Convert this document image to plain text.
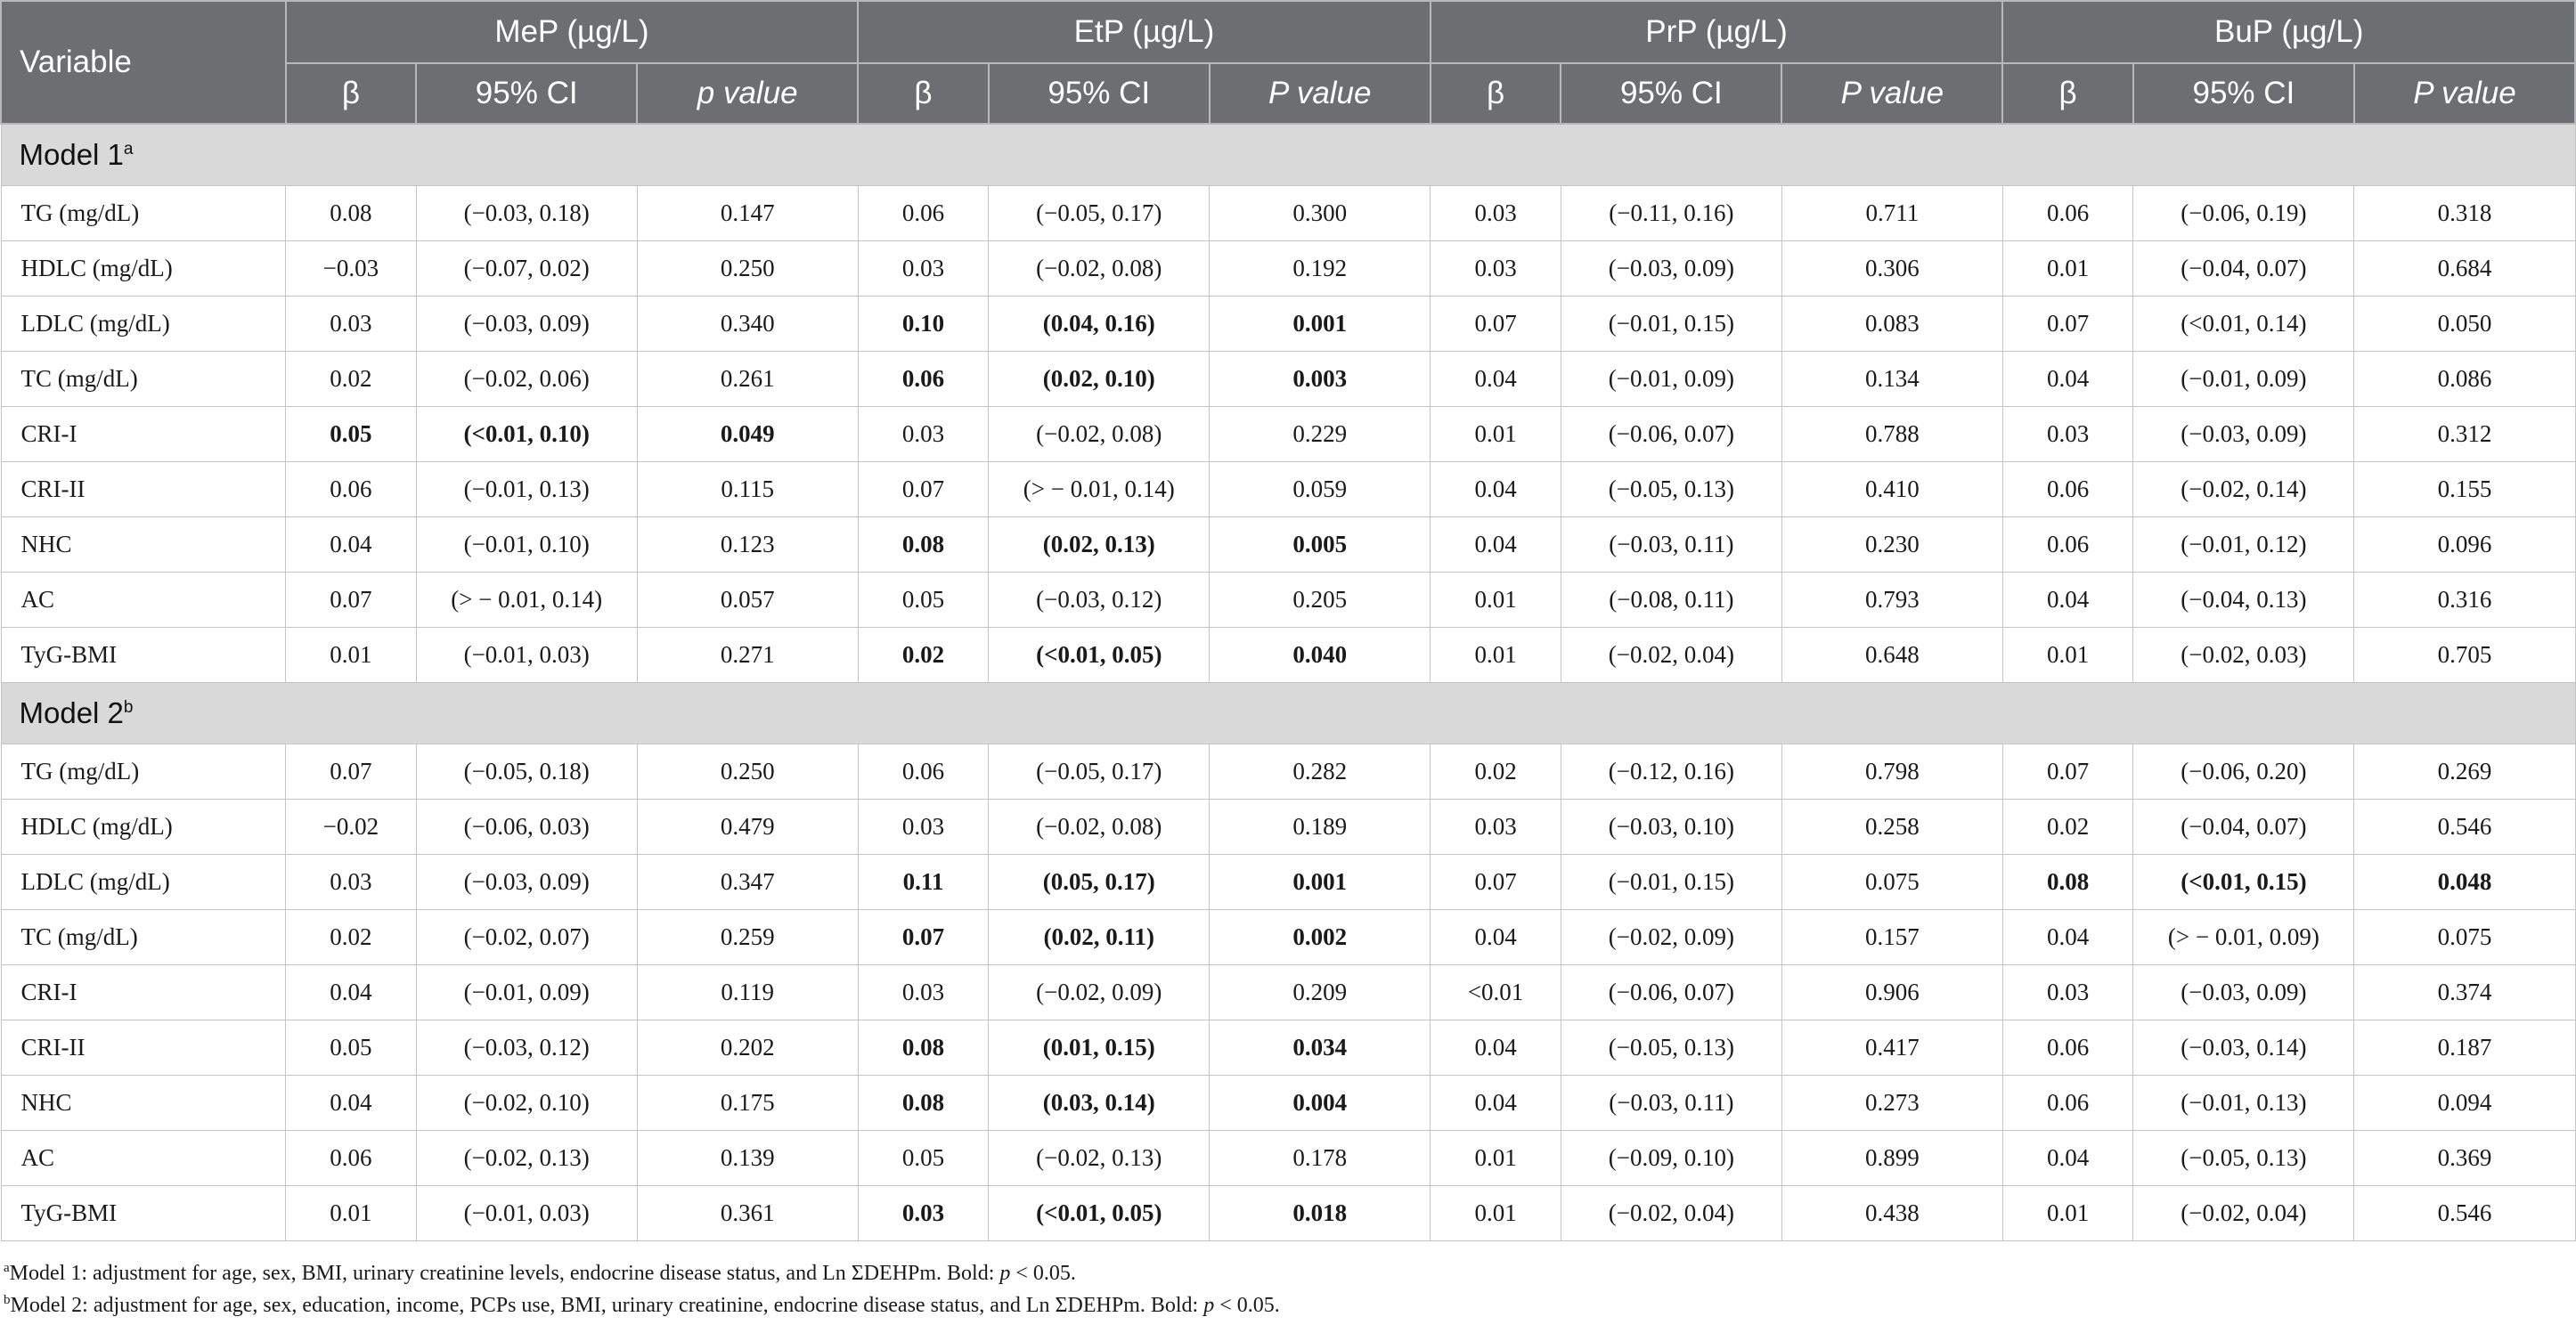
Variable	MeP (µg/L)			EtP (µg/L)			PrP (µg/L)			BuP (µg/L)		
	β	95% CI	p value	β	95% CI	P value	β	95% CI	P value	β	95% CI	P value
Model 1$^a$
TG (mg/dL)	0.08	(−0.03, 0.18)	0.147	0.06	(−0.05, 0.17)	0.300	0.03	(−0.11, 0.16)	0.711	0.06	(−0.06, 0.19)	0.318
HDLC (mg/dL)	−0.03	(−0.07, 0.02)	0.250	0.03	(−0.02, 0.08)	0.192	0.03	(−0.03, 0.09)	0.306	0.01	(−0.04, 0.07)	0.684
LDLC (mg/dL)	0.03	(−0.03, 0.09)	0.340	0.10	(0.04, 0.16)	0.001	0.07	(−0.01, 0.15)	0.083	0.07	(<0.01, 0.14)	0.050
TC (mg/dL)	0.02	(−0.02, 0.06)	0.261	0.06	(0.02, 0.10)	0.003	0.04	(−0.01, 0.09)	0.134	0.04	(−0.01, 0.09)	0.086
CRI-I	0.05	(<0.01, 0.10)	0.049	0.03	(−0.02, 0.08)	0.229	0.01	(−0.06, 0.07)	0.788	0.03	(−0.03, 0.09)	0.312
CRI-II	0.06	(−0.01, 0.13)	0.115	0.07	(> − 0.01, 0.14)	0.059	0.04	(−0.05, 0.13)	0.410	0.06	(−0.02, 0.14)	0.155
NHC	0.04	(−0.01, 0.10)	0.123	0.08	(0.02, 0.13)	0.005	0.04	(−0.03, 0.11)	0.230	0.06	(−0.01, 0.12)	0.096
AC	0.07	(> − 0.01, 0.14)	0.057	0.05	(−0.03, 0.12)	0.205	0.01	(−0.08, 0.11)	0.793	0.04	(−0.04, 0.13)	0.316
TyG-BMI	0.01	(−0.01, 0.03)	0.271	0.02	(<0.01, 0.05)	0.040	0.01	(−0.02, 0.04)	0.648	0.01	(−0.02, 0.03)	0.705
Model 2$^b$
TG (mg/dL)	0.07	(−0.05, 0.18)	0.250	0.06	(−0.05, 0.17)	0.282	0.02	(−0.12, 0.16)	0.798	0.07	(−0.06, 0.20)	0.269
HDLC (mg/dL)	−0.02	(−0.06, 0.03)	0.479	0.03	(−0.02, 0.08)	0.189	0.03	(−0.03, 0.10)	0.258	0.02	(−0.04, 0.07)	0.546
LDLC (mg/dL)	0.03	(−0.03, 0.09)	0.347	0.11	(0.05, 0.17)	0.001	0.07	(−0.01, 0.15)	0.075	0.08	(<0.01, 0.15)	0.048
TC (mg/dL)	0.02	(−0.02, 0.07)	0.259	0.07	(0.02, 0.11)	0.002	0.04	(−0.02, 0.09)	0.157	0.04	(> − 0.01, 0.09)	0.075
CRI-I	0.04	(−0.01, 0.09)	0.119	0.03	(−0.02, 0.09)	0.209	<0.01	(−0.06, 0.07)	0.906	0.03	(−0.03, 0.09)	0.374
CRI-II	0.05	(−0.03, 0.12)	0.202	0.08	(0.01, 0.15)	0.034	0.04	(−0.05, 0.13)	0.417	0.06	(−0.03, 0.14)	0.187
NHC	0.04	(−0.02, 0.10)	0.175	0.08	(0.03, 0.14)	0.004	0.04	(−0.03, 0.11)	0.273	0.06	(−0.01, 0.13)	0.094
AC	0.06	(−0.02, 0.13)	0.139	0.05	(−0.02, 0.13)	0.178	0.01	(−0.09, 0.10)	0.899	0.04	(−0.05, 0.13)	0.369
TyG-BMI	0.01	(−0.01, 0.03)	0.361	0.03	(<0.01, 0.05)	0.018	0.01	(−0.02, 0.04)	0.438	0.01	(−0.02, 0.04)	0.546
$^a$Model 1: adjustment for age, sex, BMI, urinary creatinine levels, endocrine disease status, and Ln ΣDEHPm. Bold: p < 0.05.
$^b$Model 2: adjustment for age, sex, education, income, PCPs use, BMI, urinary creatinine, endocrine disease status, and Ln ΣDEHPm. Bold: p < 0.05.
